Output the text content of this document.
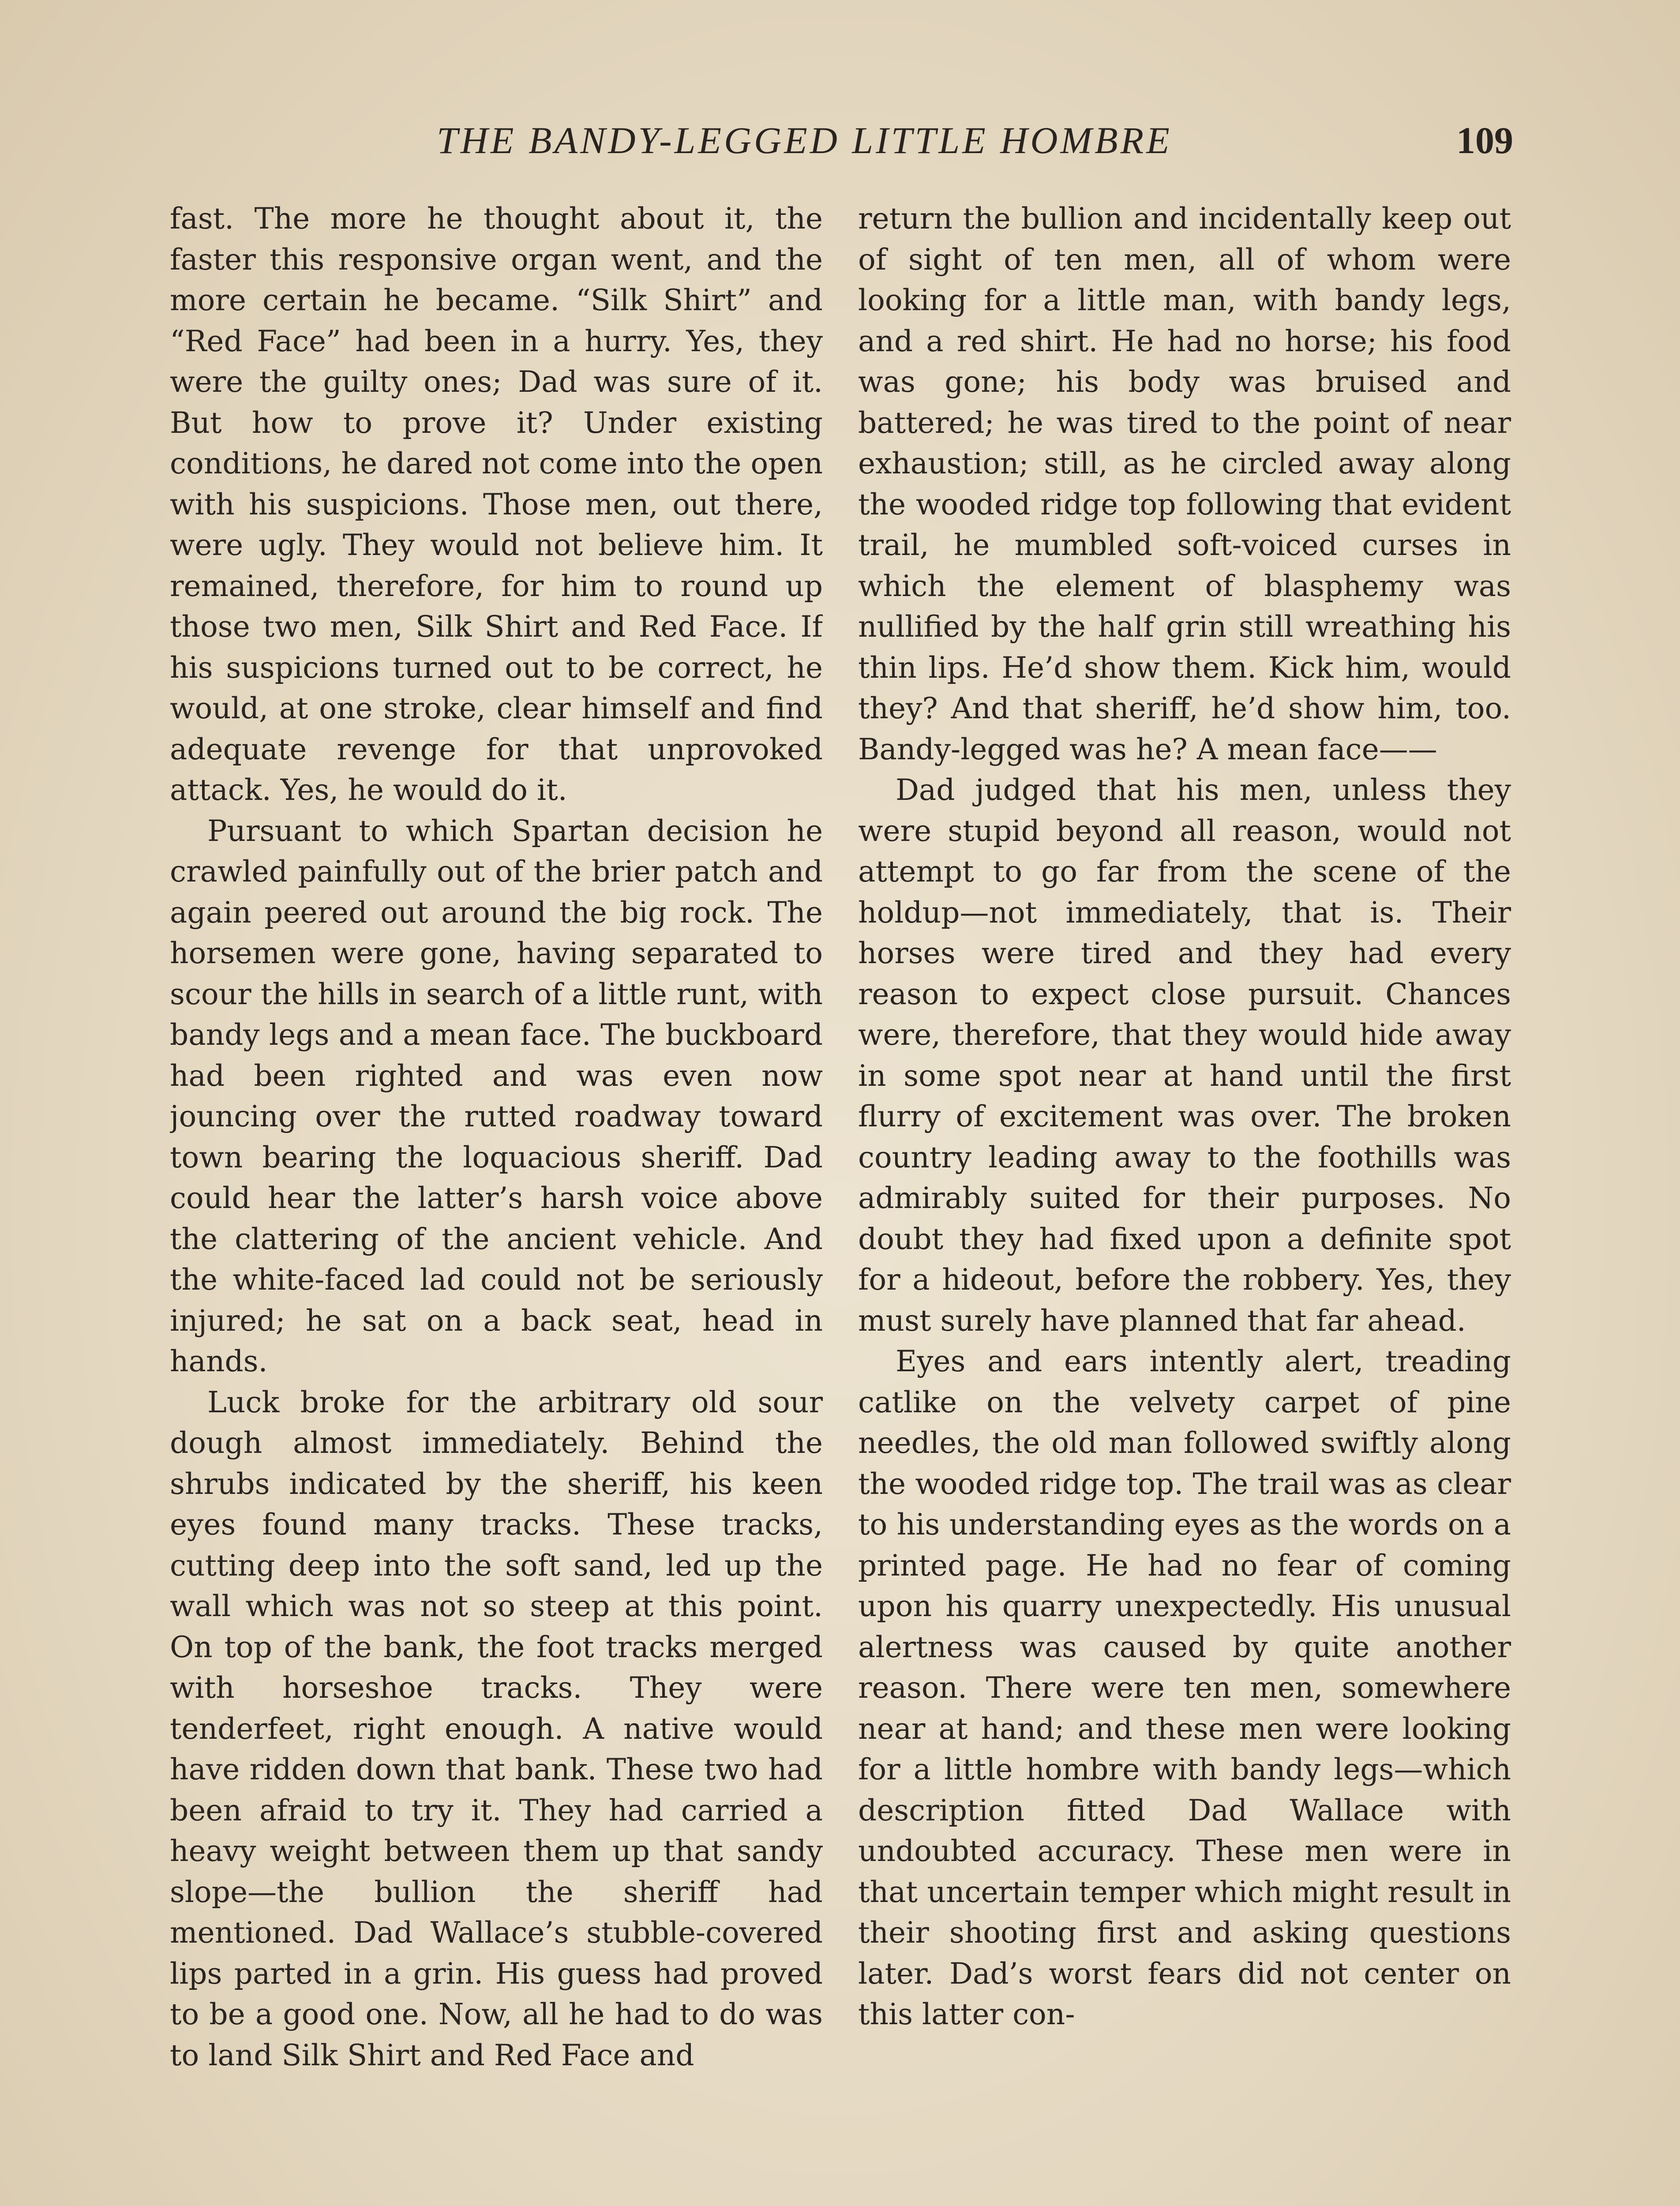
THE BANDY-LEGGED LITTLE HOMBRE	109

fast. The more he thought about it, the faster this responsive organ went, and the more certain he became. “Silk Shirt” and “Red Face” had been in a hurry. Yes, they were the guilty ones; Dad was sure of it. But how to prove it? Under existing conditions, he dared not come into the open with his suspicions. Those men, out there, were ugly. They would not believe him. It remained, therefore, for him to round up those two men, Silk Shirt and Red Face. If his suspicions turned out to be correct, he would, at one stroke, clear himself and find adequate revenge for that unprovoked attack. Yes, he would do it.

Pursuant to which Spartan decision he crawled painfully out of the brier patch and again peered out around the big rock. The horsemen were gone, having separated to scour the hills in search of a little runt, with bandy legs and a mean face. The buckboard had been righted and was even now jouncing over the rutted roadway toward town bearing the loquacious sheriff. Dad could hear the latter’s harsh voice above the clattering of the ancient vehicle. And the white-faced lad could not be seriously injured; he sat on a back seat, head in hands.

Luck broke for the arbitrary old sour dough almost immediately. Behind the shrubs indicated by the sheriff, his keen eyes found many tracks. These tracks, cutting deep into the soft sand, led up the wall which was not so steep at this point. On top of the bank, the foot tracks merged with horseshoe tracks. They were tenderfeet, right enough. A native would have ridden down that bank. These two had been afraid to try it. They had carried a heavy weight between them up that sandy slope—the bullion the sheriff had mentioned. Dad Wallace’s stubble-covered lips parted in a grin. His guess had proved to be a good one. Now, all he had to do was to land Silk Shirt and Red Face and

return the bullion and incidentally keep out of sight of ten men, all of whom were looking for a little man, with bandy legs, and a red shirt. He had no horse; his food was gone; his body was bruised and battered; he was tired to the point of near exhaustion; still, as he circled away along the wooded ridge top following that evident trail, he mumbled soft-voiced curses in which the element of blasphemy was nullified by the half grin still wreathing his thin lips. He’d show them. Kick him, would they? And that sheriff, he’d show him, too. Bandy-legged was he? A mean face——

Dad judged that his men, unless they were stupid beyond all reason, would not attempt to go far from the scene of the holdup—not immediately, that is. Their horses were tired and they had every reason to expect close pursuit. Chances were, therefore, that they would hide away in some spot near at hand until the first flurry of excitement was over. The broken country leading away to the foothills was admirably suited for their purposes. No doubt they had fixed upon a definite spot for a hideout, before the robbery. Yes, they must surely have planned that far ahead.

Eyes and ears intently alert, treading catlike on the velvety carpet of pine needles, the old man followed swiftly along the wooded ridge top. The trail was as clear to his understanding eyes as the words on a printed page. He had no fear of coming upon his quarry unexpectedly. His unusual alertness was caused by quite another reason. There were ten men, somewhere near at hand; and these men were looking for a little hombre with bandy legs—which description fitted Dad Wallace with undoubted accuracy. These men were in that uncertain temper which might result in their shooting first and asking questions later. Dad’s worst fears did not center on this latter con-
